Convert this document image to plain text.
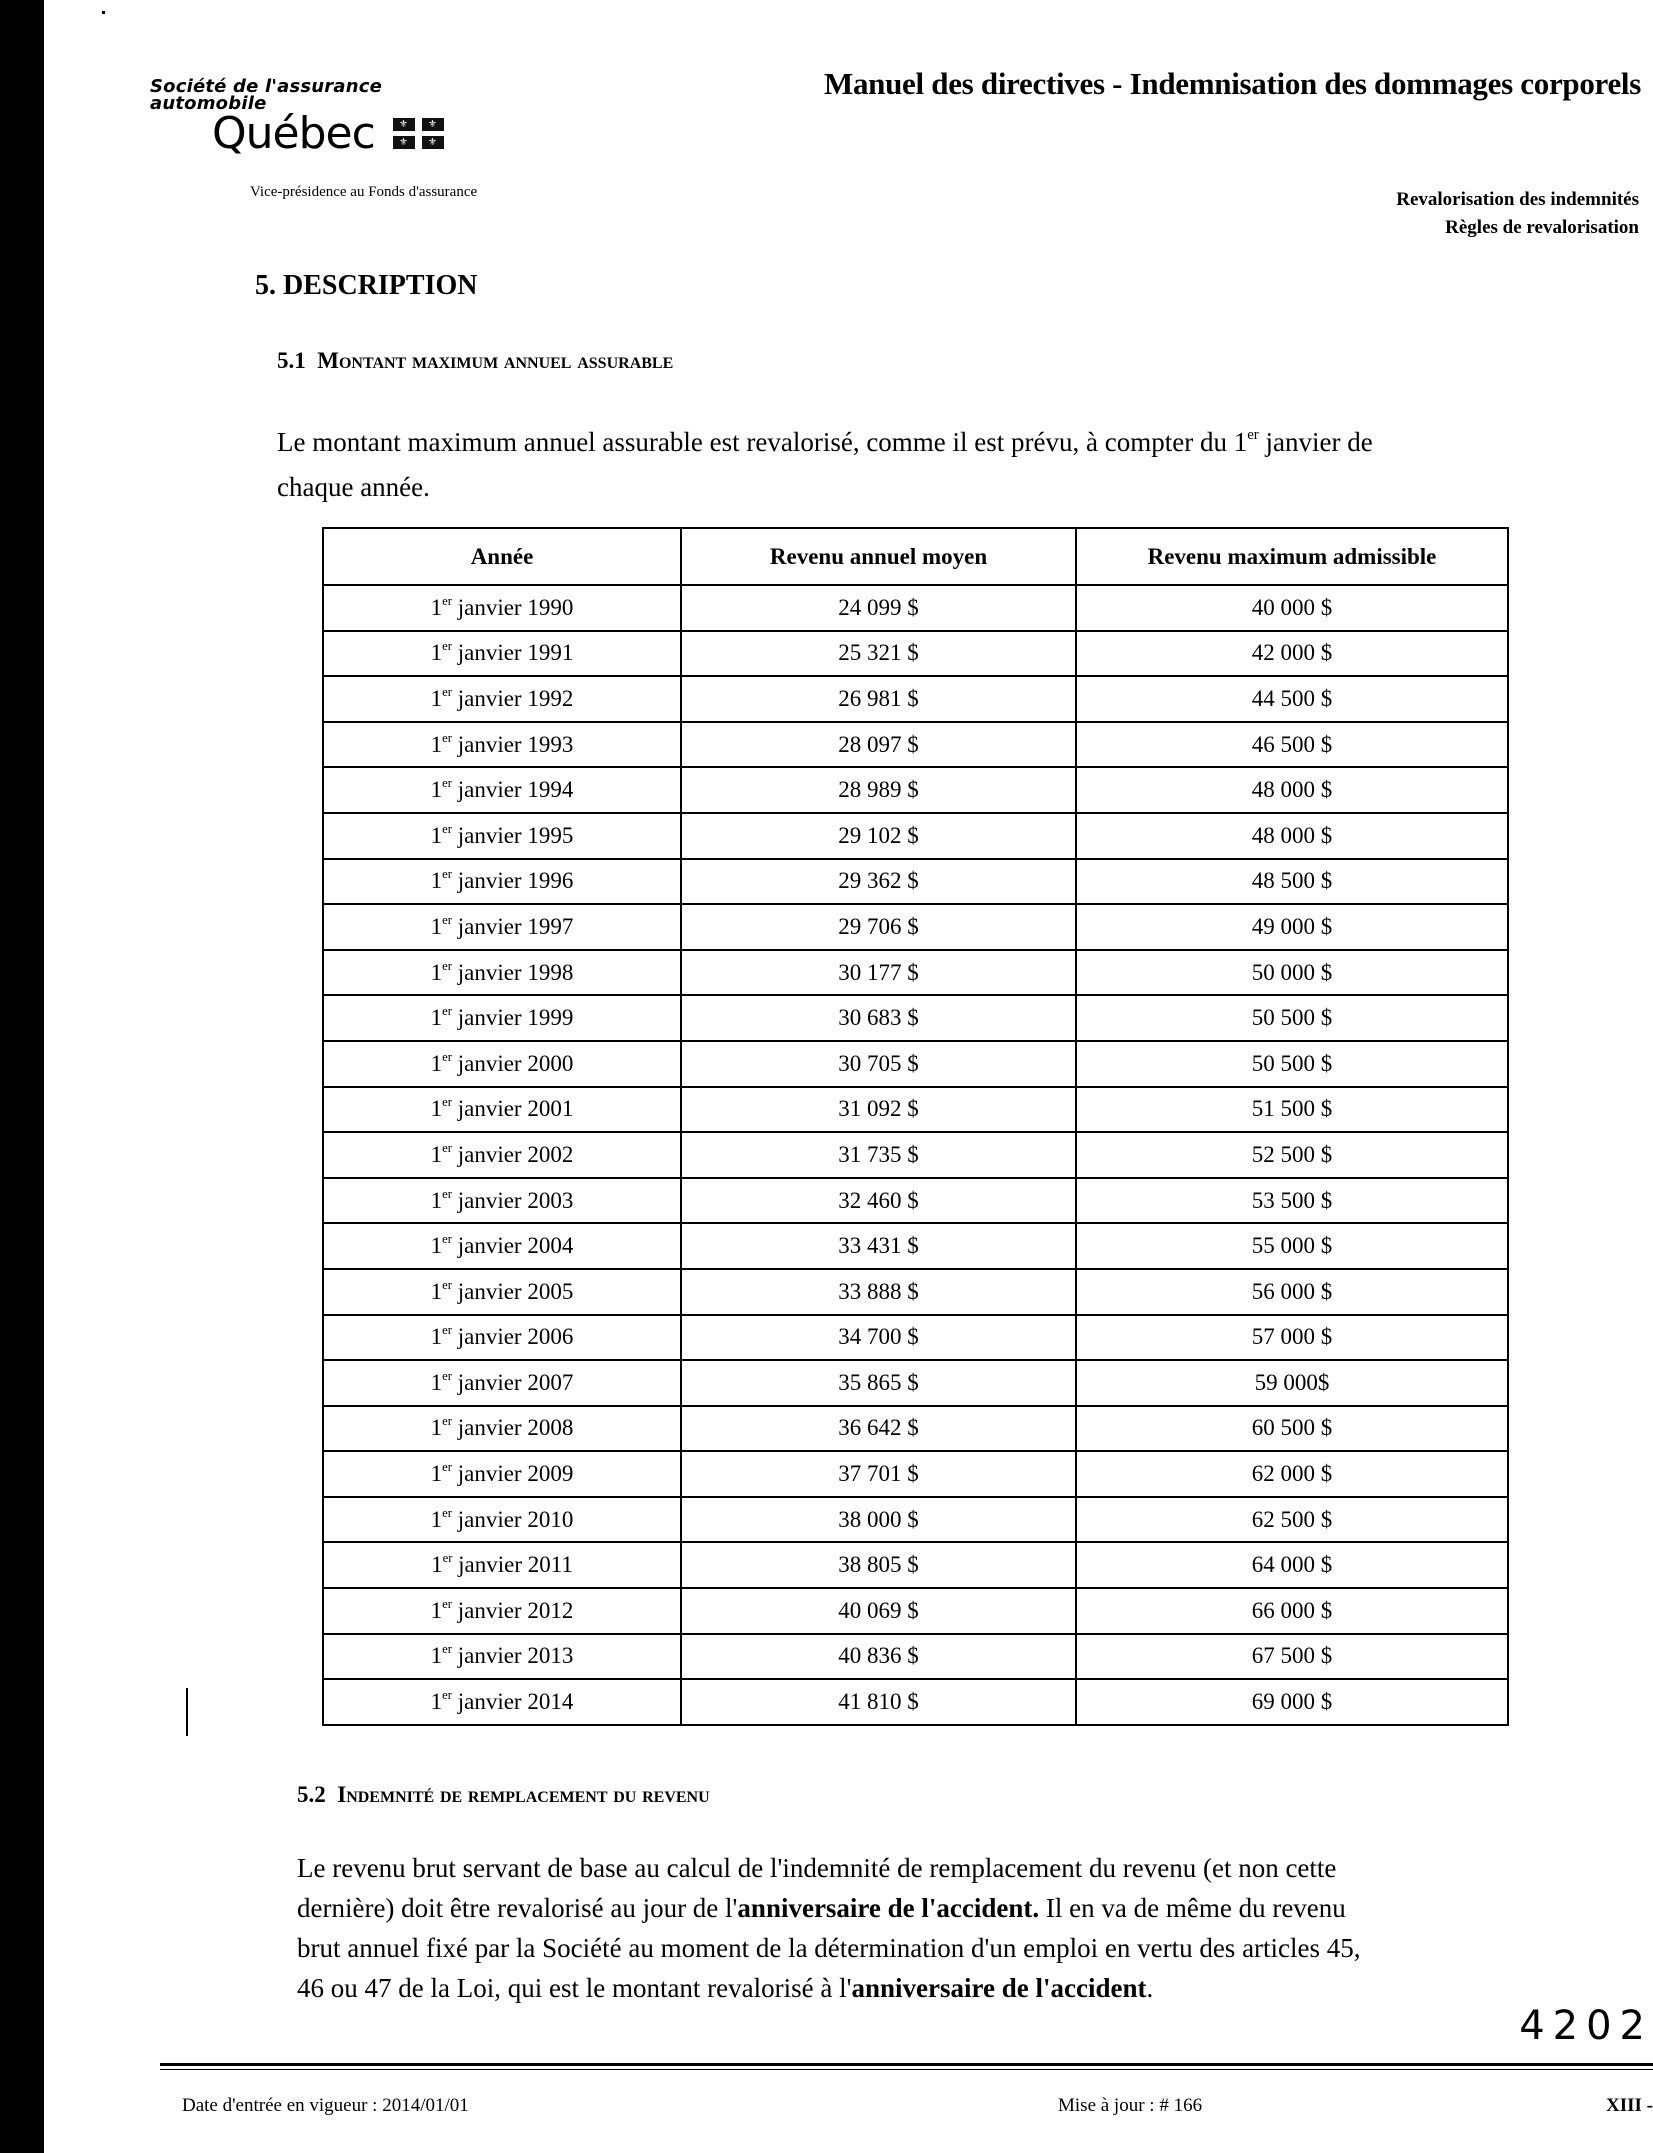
Société de l'assurance
automobile
Québec
⚜
⚜
⚜
⚜
Vice-présidence au Fonds d'assurance
Manuel des directives - Indemnisation des dommages corporels
Revalorisation des indemnités
Règles de revalorisation
5. DESCRIPTION
5.1 Montant maximum annuel assurable
Le montant maximum annuel assurable est revalorisé, comme il est prévu, à compter du 1er janvier de
chaque année.
Année	Revenu annuel moyen	Revenu maximum admissible
1er janvier 1990	24 099 $	40 000 $
1er janvier 1991	25 321 $	42 000 $
1er janvier 1992	26 981 $	44 500 $
1er janvier 1993	28 097 $	46 500 $
1er janvier 1994	28 989 $	48 000 $
1er janvier 1995	29 102 $	48 000 $
1er janvier 1996	29 362 $	48 500 $
1er janvier 1997	29 706 $	49 000 $
1er janvier 1998	30 177 $	50 000 $
1er janvier 1999	30 683 $	50 500 $
1er janvier 2000	30 705 $	50 500 $
1er janvier 2001	31 092 $	51 500 $
1er janvier 2002	31 735 $	52 500 $
1er janvier 2003	32 460 $	53 500 $
1er janvier 2004	33 431 $	55 000 $
1er janvier 2005	33 888 $	56 000 $
1er janvier 2006	34 700 $	57 000 $
1er janvier 2007	35 865 $	59 000$
1er janvier 2008	36 642 $	60 500 $
1er janvier 2009	37 701 $	62 000 $
1er janvier 2010	38 000 $	62 500 $
1er janvier 2011	38 805 $	64 000 $
1er janvier 2012	40 069 $	66 000 $
1er janvier 2013	40 836 $	67 500 $
1er janvier 2014	41 810 $	69 000 $
5.2 Indemnité de remplacement du revenu
Le revenu brut servant de base au calcul de l'indemnité de remplacement du revenu (et non cette
dernière) doit être revalorisé au jour de l'anniversaire de l'accident. Il en va de même du revenu
brut annuel fixé par la Société au moment de la détermination d'un emploi en vertu des articles 45,
46 ou 47 de la Loi, qui est le montant revalorisé à l'anniversaire de l'accident.
4202
Date d'entrée en vigueur : 2014/01/01	Mise à jour : # 166	XIII -
